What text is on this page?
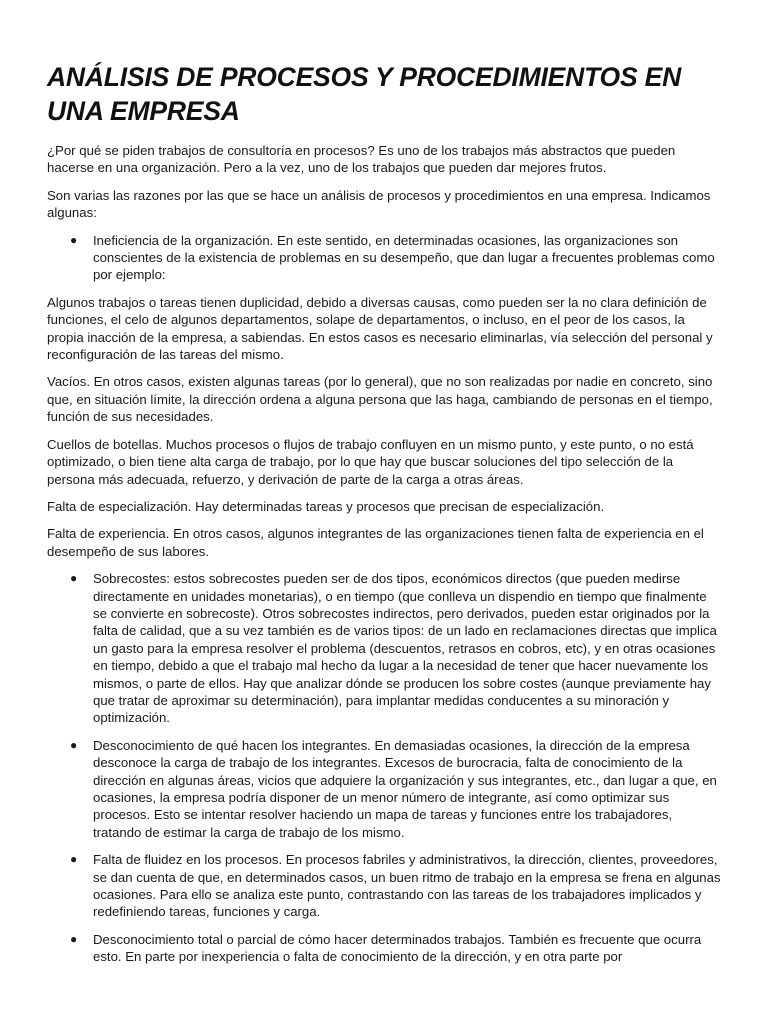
ANÁLISIS DE PROCESOS Y PROCEDIMIENTOS EN UNA EMPRESA

¿Por qué se piden trabajos de consultoría en procesos? Es uno de los trabajos más abstractos que pueden hacerse en una organización. Pero a la vez, uno de los trabajos que pueden dar mejores frutos.

Son varias las razones por las que se hace un análisis de procesos y procedimientos en una empresa. Indicamos algunas:

● Ineficiencia de la organización. En este sentido, en determinadas ocasiones, las organizaciones son conscientes de la existencia de problemas en su desempeño, que dan lugar a frecuentes problemas como por ejemplo:

Algunos trabajos o tareas tienen duplicidad, debido a diversas causas, como pueden ser la no clara definición de funciones, el celo de algunos departamentos, solape de departamentos, o incluso, en el peor de los casos, la propia inacción de la empresa, a sabiendas. En estos casos es necesario eliminarlas, vía selección del personal y reconfiguración de las tareas del mismo.

Vacíos. En otros casos, existen algunas tareas (por lo general), que no son realizadas por nadie en concreto, sino que, en situación límite, la dirección ordena a alguna persona que las haga, cambiando de personas en el tiempo, función de sus necesidades.

Cuellos de botellas. Muchos procesos o flujos de trabajo confluyen en un mismo punto, y este punto, o no está optimizado, o bien tiene alta carga de trabajo, por lo que hay que buscar soluciones del tipo selección de la persona más adecuada, refuerzo, y derivación de parte de la carga a otras áreas.

Falta de especialización. Hay determinadas tareas y procesos que precisan de especialización.

Falta de experiencia. En otros casos, algunos integrantes de las organizaciones tienen falta de experiencia en el desempeño de sus labores.

● Sobrecostes: estos sobrecostes pueden ser de dos tipos, económicos directos (que pueden medirse directamente en unidades monetarias), o en tiempo (que conlleva un dispendio en tiempo que finalmente se convierte en sobrecoste). Otros sobrecostes indirectos, pero derivados, pueden estar originados por la falta de calidad, que a su vez también es de varios tipos: de un lado en reclamaciones directas que implica un gasto para la empresa resolver el problema (descuentos, retrasos en cobros, etc), y en otras ocasiones en tiempo, debido a que el trabajo mal hecho da lugar a la necesidad de tener que hacer nuevamente los mismos, o parte de ellos. Hay que analizar dónde se producen los sobre costes (aunque previamente hay que tratar de aproximar su determinación), para implantar medidas conducentes a su minoración y optimización.
● Desconocimiento de qué hacen los integrantes. En demasiadas ocasiones, la dirección de la empresa desconoce la carga de trabajo de los integrantes. Excesos de burocracia, falta de conocimiento de la dirección en algunas áreas, vicios que adquiere la organización y sus integrantes, etc., dan lugar a que, en ocasiones, la empresa podría disponer de un menor número de integrante, así como optimizar sus procesos. Esto se intentar resolver haciendo un mapa de tareas y funciones entre los trabajadores, tratando de estimar la carga de trabajo de los mismo.
● Falta de fluidez en los procesos. En procesos fabriles y administrativos, la dirección, clientes, proveedores, se dan cuenta de que, en determinados casos, un buen ritmo de trabajo en la empresa se frena en algunas ocasiones. Para ello se analiza este punto, contrastando con las tareas de los trabajadores implicados y redefiniendo tareas, funciones y carga.
● Desconocimiento total o parcial de cómo hacer determinados trabajos. También es frecuente que ocurra esto. En parte por inexperiencia o falta de conocimiento de la dirección, y en otra parte por
